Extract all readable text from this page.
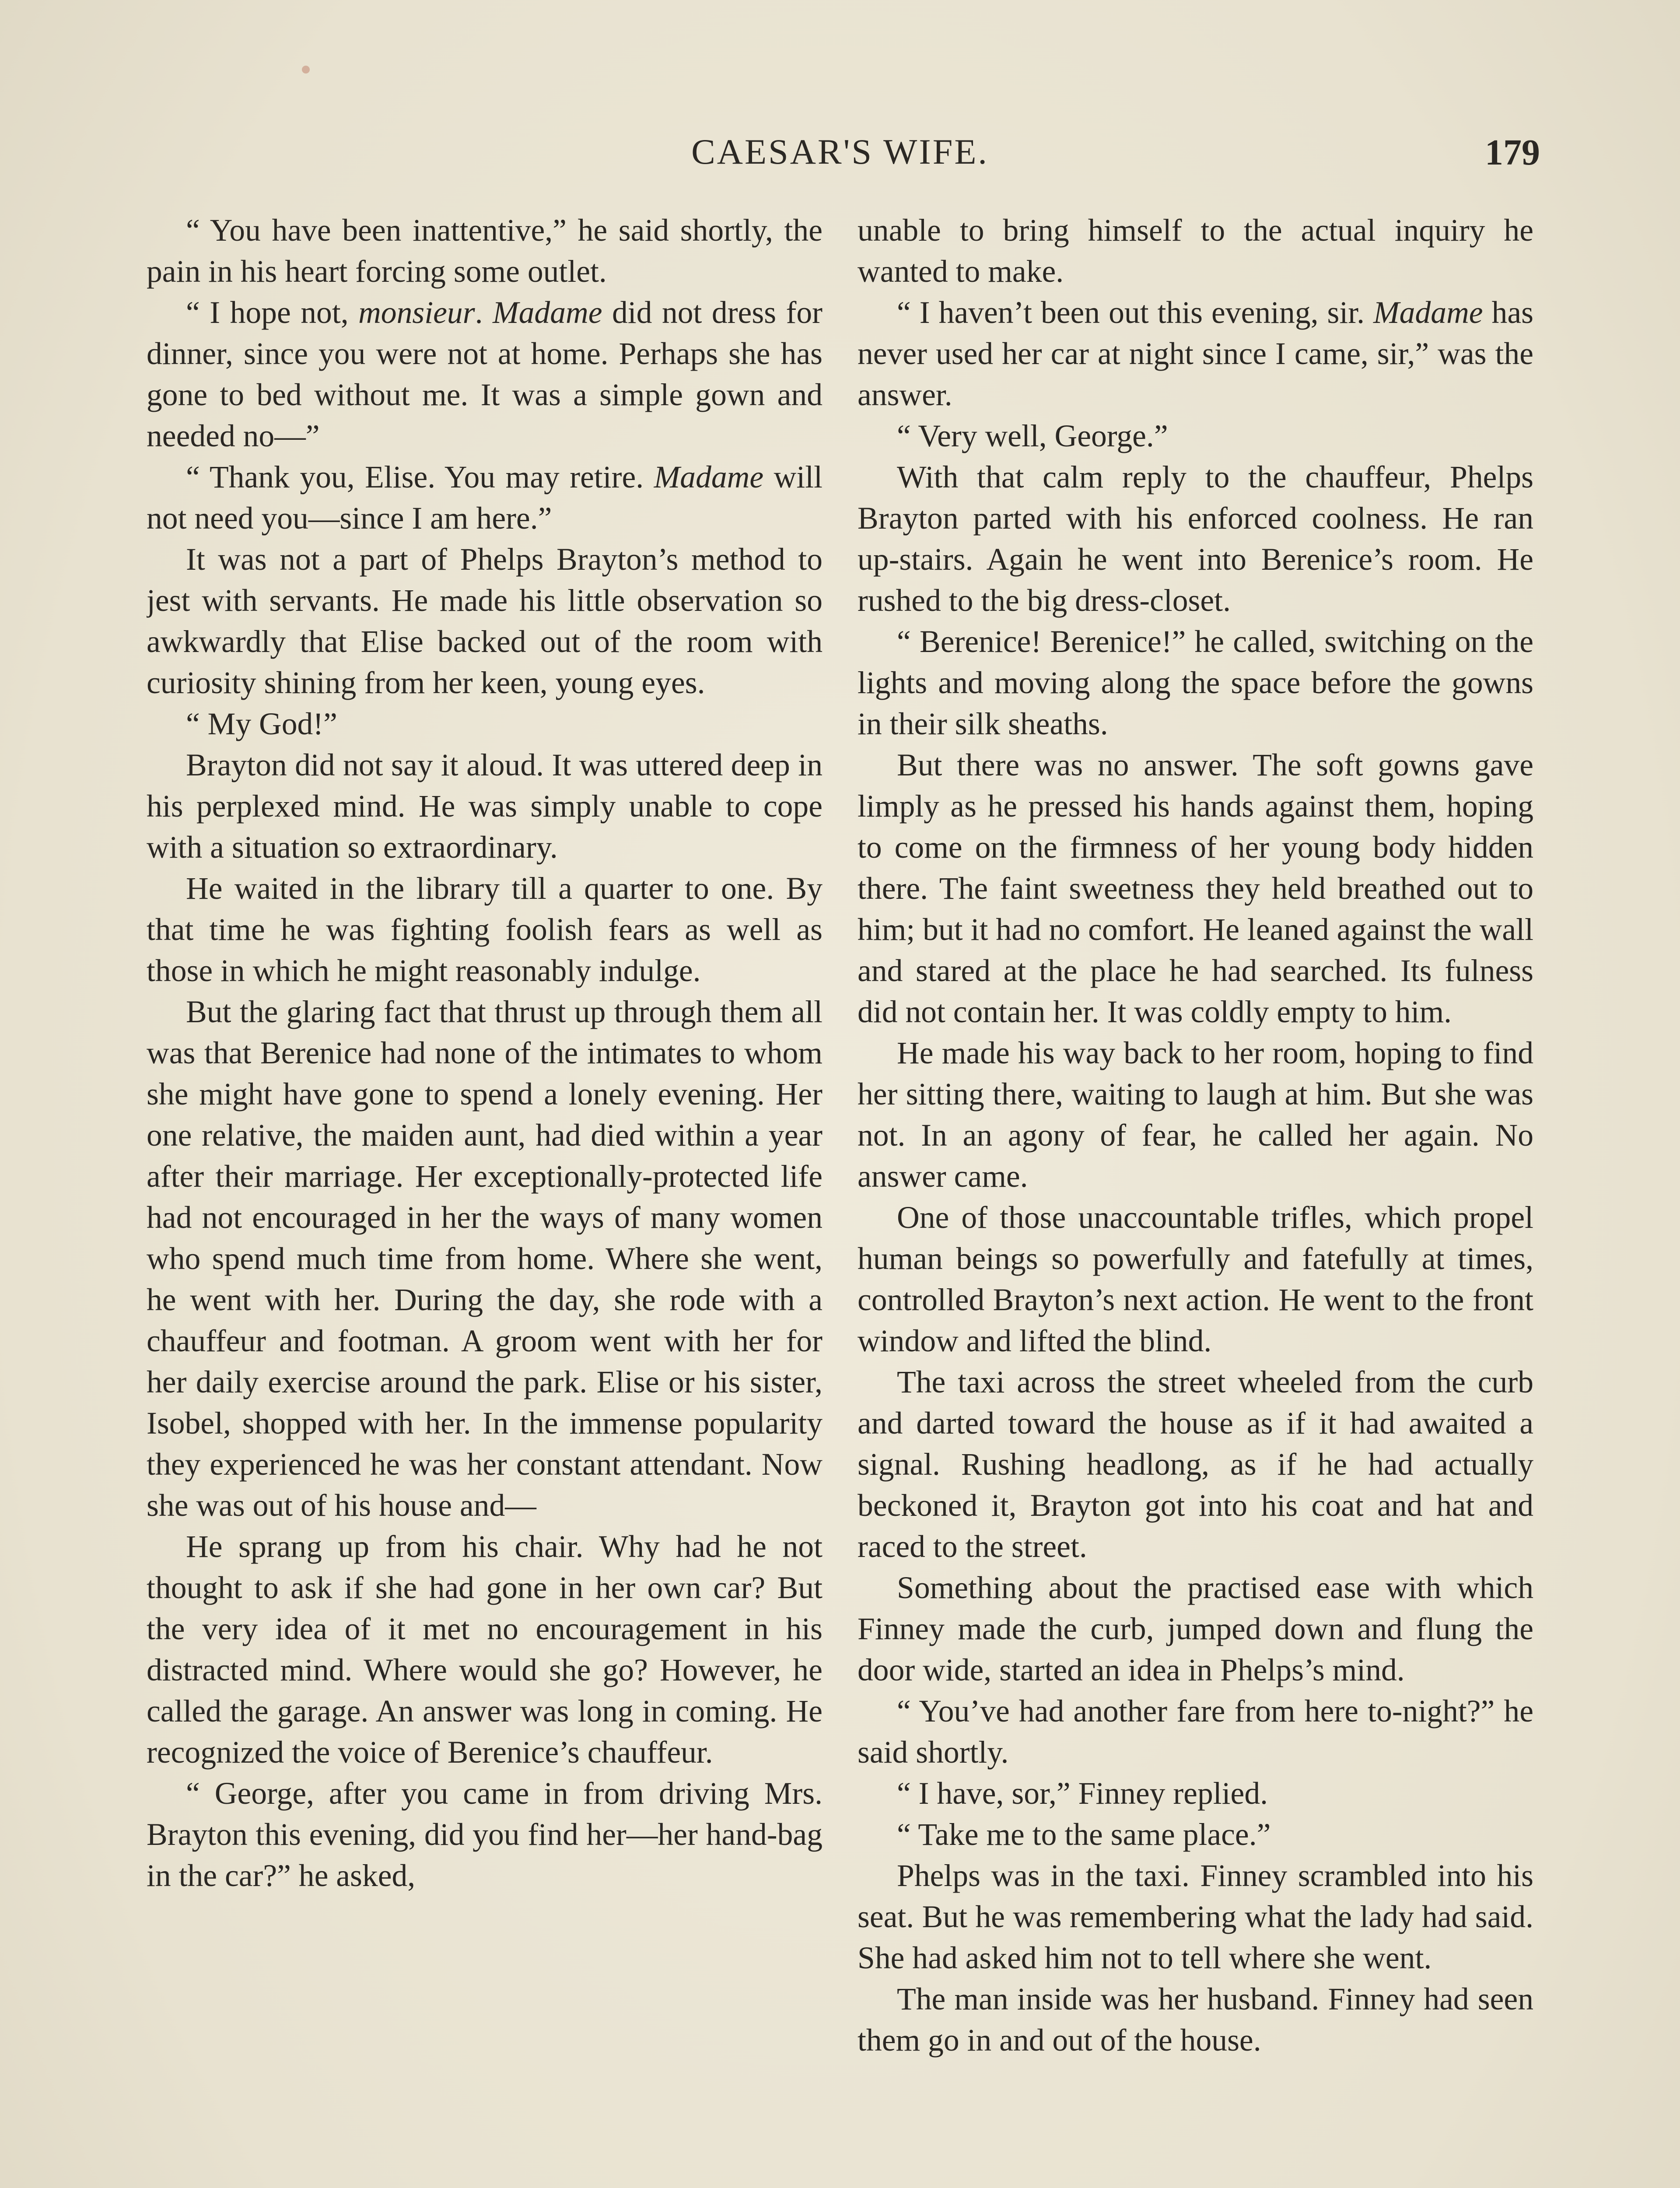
CAESAR'S WIFE.	179

“ You have been inattentive,” he said shortly, the pain in his heart forcing some outlet.

“ I hope not, monsieur. Madame did not dress for dinner, since you were not at home. Perhaps she has gone to bed without me. It was a simple gown and needed no—”

“ Thank you, Elise. You may retire. Madame will not need you—since I am here.”

It was not a part of Phelps Brayton’s method to jest with servants. He made his little observation so awkwardly that Elise backed out of the room with curiosity shining from her keen, young eyes.

“ My God!”

Brayton did not say it aloud. It was uttered deep in his perplexed mind. He was simply unable to cope with a situation so extraordinary.

He waited in the library till a quarter to one. By that time he was fighting foolish fears as well as those in which he might reasonably indulge.

But the glaring fact that thrust up through them all was that Berenice had none of the intimates to whom she might have gone to spend a lonely evening. Her one relative, the maiden aunt, had died within a year after their marriage. Her exceptionally-protected life had not encouraged in her the ways of many women who spend much time from home. Where she went, he went with her. During the day, she rode with a chauffeur and footman. A groom went with her for her daily exercise around the park. Elise or his sister, Isobel, shopped with her. In the immense popularity they experienced he was her constant attendant. Now she was out of his house and—

He sprang up from his chair. Why had he not thought to ask if she had gone in her own car? But the very idea of it met no encouragement in his distracted mind. Where would she go? However, he called the garage. An answer was long in coming. He recognized the voice of Berenice’s chauffeur.

“ George, after you came in from driving Mrs. Brayton this evening, did you find her—her hand-bag in the car?” he asked,

unable to bring himself to the actual inquiry he wanted to make.

“ I haven’t been out this evening, sir. Madame has never used her car at night since I came, sir,” was the answer.

“ Very well, George.”

With that calm reply to the chauffeur, Phelps Brayton parted with his enforced coolness. He ran up-stairs. Again he went into Berenice’s room. He rushed to the big dress-closet.

“ Berenice! Berenice!” he called, switching on the lights and moving along the space before the gowns in their silk sheaths.

But there was no answer. The soft gowns gave limply as he pressed his hands against them, hoping to come on the firmness of her young body hidden there. The faint sweetness they held breathed out to him; but it had no comfort. He leaned against the wall and stared at the place he had searched. Its fulness did not contain her. It was coldly empty to him.

He made his way back to her room, hoping to find her sitting there, waiting to laugh at him. But she was not. In an agony of fear, he called her again. No answer came.

One of those unaccountable trifles, which propel human beings so powerfully and fatefully at times, controlled Brayton’s next action. He went to the front window and lifted the blind.

The taxi across the street wheeled from the curb and darted toward the house as if it had awaited a signal. Rushing headlong, as if he had actually beckoned it, Brayton got into his coat and hat and raced to the street.

Something about the practised ease with which Finney made the curb, jumped down and flung the door wide, started an idea in Phelps’s mind.

“ You’ve had another fare from here to-night?” he said shortly.

“ I have, sor,” Finney replied.

“ Take me to the same place.”

Phelps was in the taxi. Finney scrambled into his seat. But he was remembering what the lady had said. She had asked him not to tell where she went.

The man inside was her husband. Finney had seen them go in and out of the house.
